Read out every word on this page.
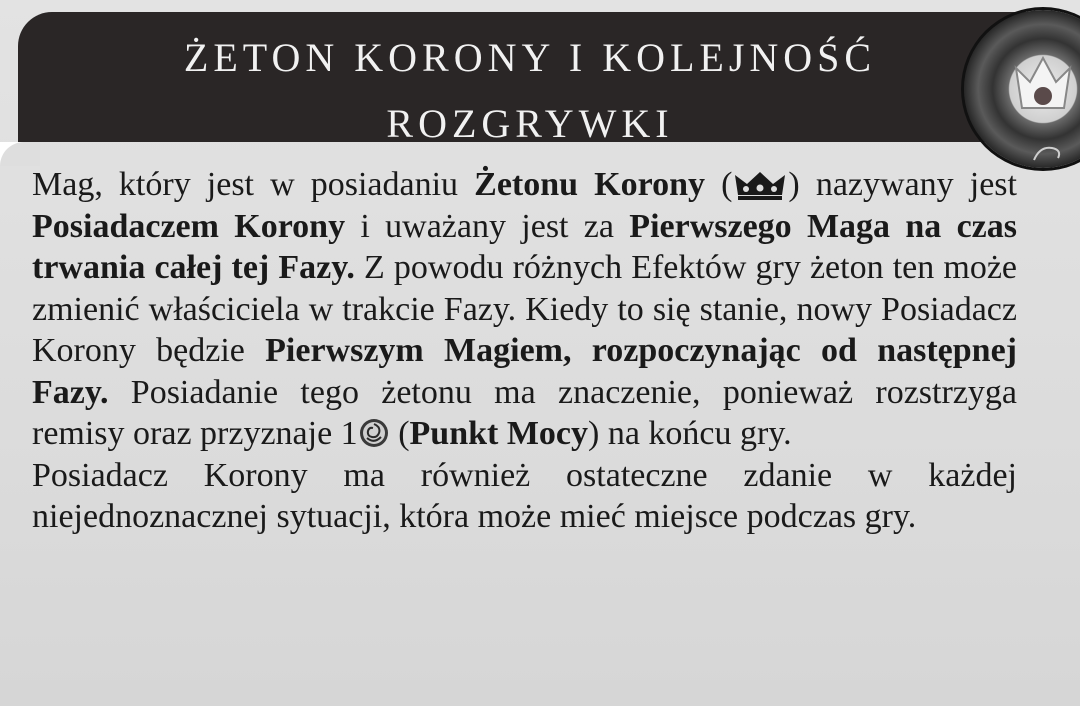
ŻETON KORONY I KOLEJNOŚĆ
ROZGRYWKI

Mag, który jest w posiadaniu Żetonu Korony ( ) nazywany jest Posiadaczem Korony i uważany jest za Pierwszego Maga na czas trwania całej tej Fazy. Z powodu różnych Efektów gry żeton ten może zmienić właściciela w trakcie Fazy. Kiedy to się stanie, nowy Posiadacz Korony będzie Pierwszym Magiem, rozpoczynając od następnej Fazy. Posiadanie tego żetonu ma znaczenie, ponieważ rozstrzyga remisy oraz przyznaje 1 (Punkt Mocy) na końcu gry.
Posiadacz Korony ma również ostateczne zdanie w każdej niejednoznacznej sytuacji, która może mieć miejsce podczas gry.
